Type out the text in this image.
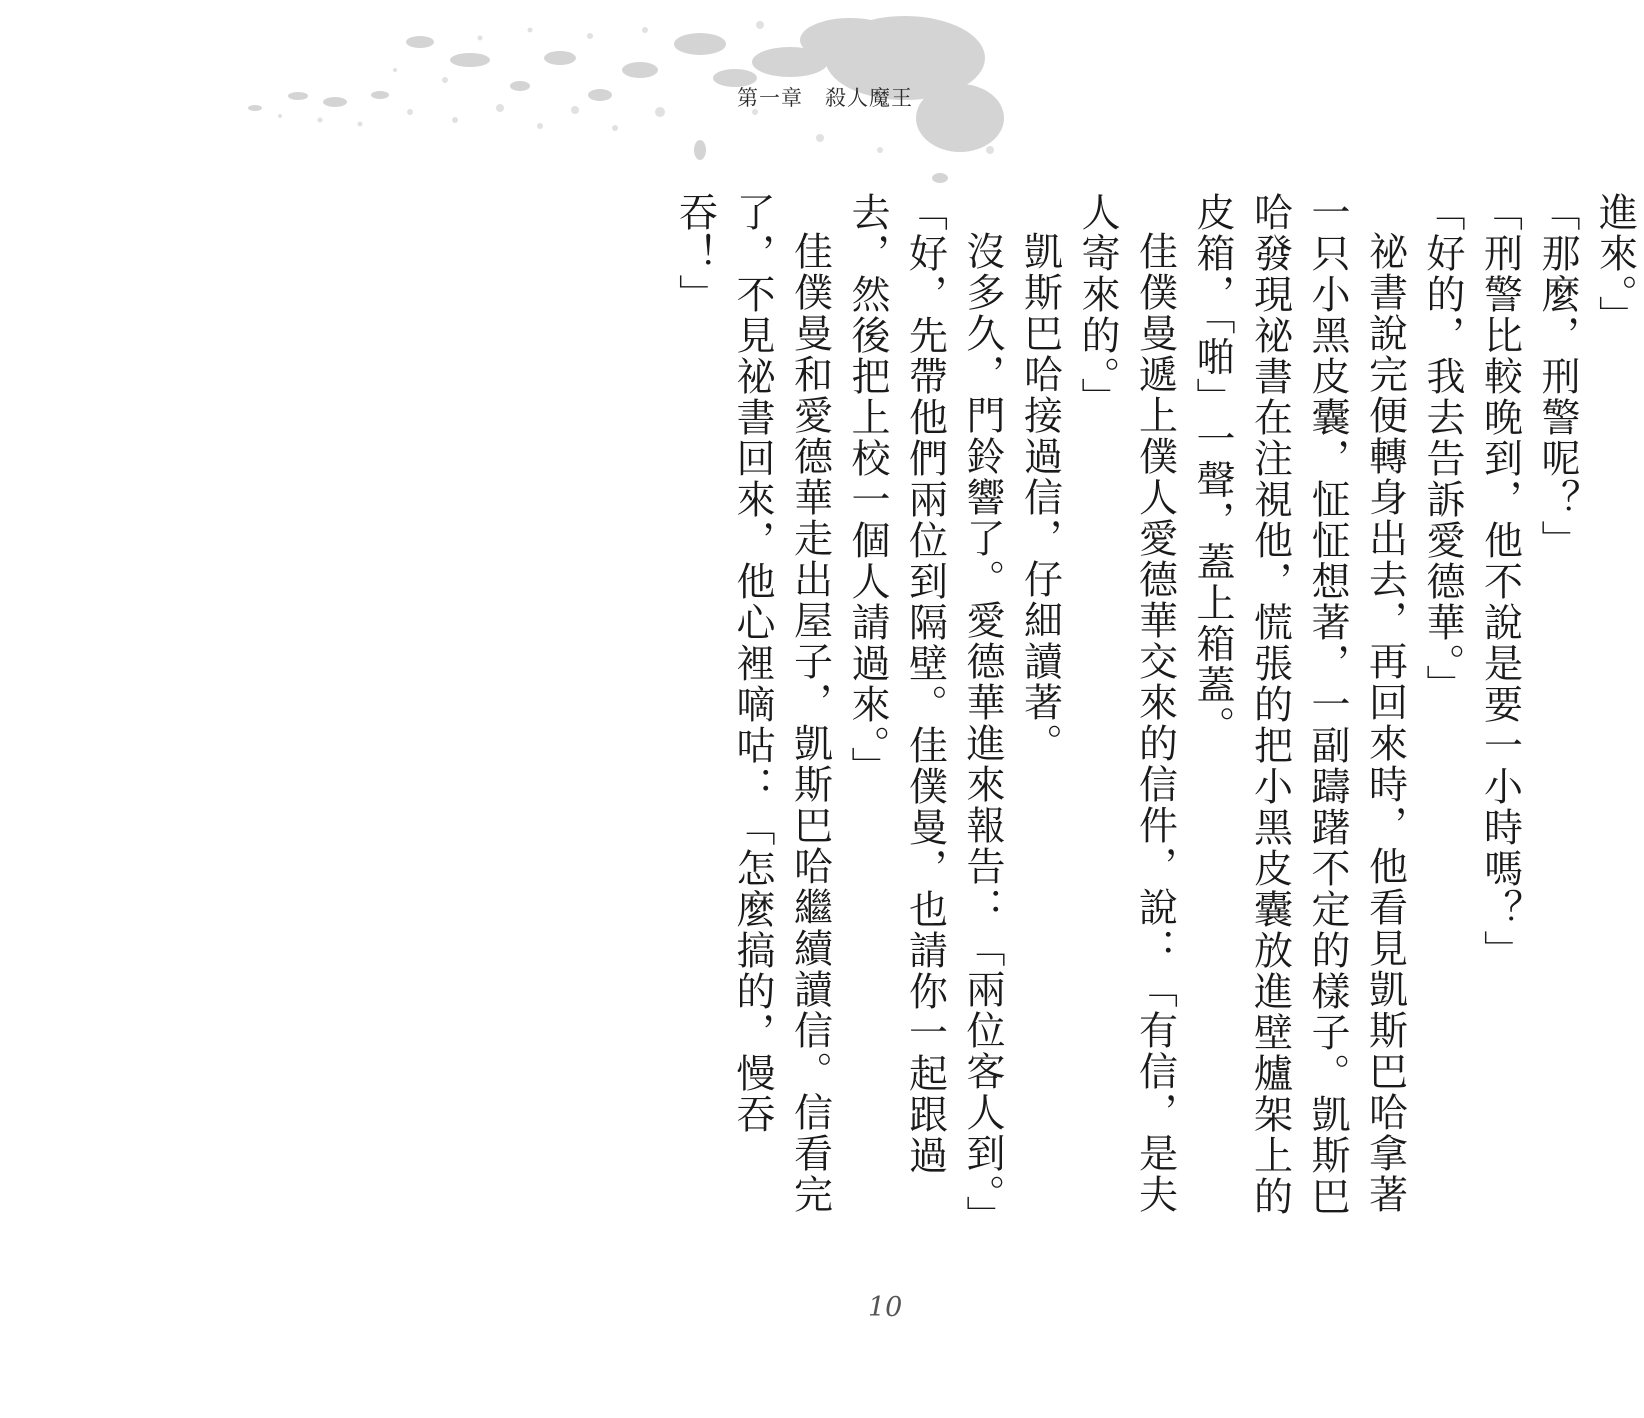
第一章 殺人魔王

進來。」

「那麼，刑警呢？」

「刑警比較晚到，他不說是要一小時嗎？」

「好的，我去告訴愛德華。」

祕書說完便轉身出去，再回來時，他看見凱斯巴哈拿著一只小黑皮囊，怔怔想著，一副躊躇不定的樣子。凱斯巴哈發現祕書在注視他，慌張的把小黑皮囊放進壁爐架上的皮箱，「啪」一聲，蓋上箱蓋。

佳僕曼遞上僕人愛德華交來的信件，說：「有信，是夫人寄來的。」

凱斯巴哈接過信，仔細讀著。

沒多久，門鈴響了。愛德華進來報告：「兩位客人到。」

「好，先帶他們兩位到隔壁。佳僕曼，也請你一起跟過去，然後把上校一個人請過來。」

佳僕曼和愛德華走出屋子，凱斯巴哈繼續讀信。信看完了，不見祕書回來，他心裡嘀咕：「怎麼搞的，慢吞吞！」

10
